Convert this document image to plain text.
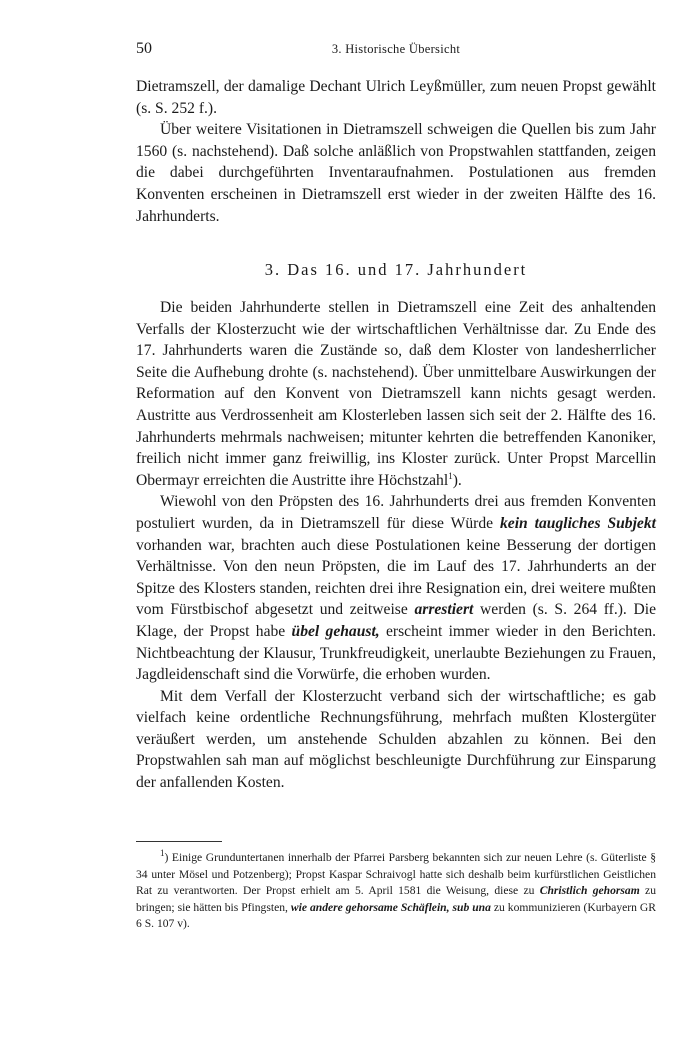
50	3. Historische Übersicht

Dietramszell, der damalige Dechant Ulrich Leyßmüller, zum neuen Propst gewählt (s. S. 252 f.).

Über weitere Visitationen in Dietramszell schweigen die Quellen bis zum Jahr 1560 (s. nachstehend). Daß solche anläßlich von Propstwahlen stattfanden, zeigen die dabei durchgeführten Inventaraufnahmen. Postulationen aus fremden Konventen erscheinen in Dietramszell erst wieder in der zweiten Hälfte des 16. Jahrhunderts.

3. Das 16. und 17. Jahrhundert

Die beiden Jahrhunderte stellen in Dietramszell eine Zeit des anhaltenden Verfalls der Klosterzucht wie der wirtschaftlichen Verhältnisse dar. Zu Ende des 17. Jahrhunderts waren die Zustände so, daß dem Kloster von landesherrlicher Seite die Aufhebung drohte (s. nachstehend). Über unmittelbare Auswirkungen der Reformation auf den Konvent von Dietramszell kann nichts gesagt werden. Austritte aus Verdrossenheit am Klosterleben lassen sich seit der 2. Hälfte des 16. Jahrhunderts mehrmals nachweisen; mitunter kehrten die betreffenden Kanoniker, freilich nicht immer ganz freiwillig, ins Kloster zurück. Unter Propst Marcellin Obermayr erreichten die Austritte ihre Höchstzahl$^1$).

Wiewohl von den Pröpsten des 16. Jahrhunderts drei aus fremden Konventen postuliert wurden, da in Dietramszell für diese Würde kein taugliches Subjekt vorhanden war, brachten auch diese Postulationen keine Besserung der dortigen Verhältnisse. Von den neun Pröpsten, die im Lauf des 17. Jahrhunderts an der Spitze des Klosters standen, reichten drei ihre Resignation ein, drei weitere mußten vom Fürstbischof abgesetzt und zeitweise arrestiert werden (s. S. 264 ff.). Die Klage, der Propst habe übel gehaust, erscheint immer wieder in den Berichten. Nichtbeachtung der Klausur, Trunkfreudigkeit, unerlaubte Beziehungen zu Frauen, Jagdleidenschaft sind die Vorwürfe, die erhoben wurden.

Mit dem Verfall der Klosterzucht verband sich der wirtschaftliche; es gab vielfach keine ordentliche Rechnungsführung, mehrfach mußten Klostergüter veräußert werden, um anstehende Schulden abzahlen zu können. Bei den Propstwahlen sah man auf möglichst beschleunigte Durchführung zur Einsparung der anfallenden Kosten.

$^1$) Einige Grunduntertanen innerhalb der Pfarrei Parsberg bekannten sich zur neuen Lehre (s. Güterliste § 34 unter Mösel und Potzenberg); Propst Kaspar Schraivogl hatte sich deshalb beim kurfürstlichen Geistlichen Rat zu verantworten. Der Propst erhielt am 5. April 1581 die Weisung, diese zu Christlich gehorsam zu bringen; sie hätten bis Pfingsten, wie andere gehorsame Schäflein, sub una zu kommunizieren (Kurbayern GR 6 S. 107 v).
